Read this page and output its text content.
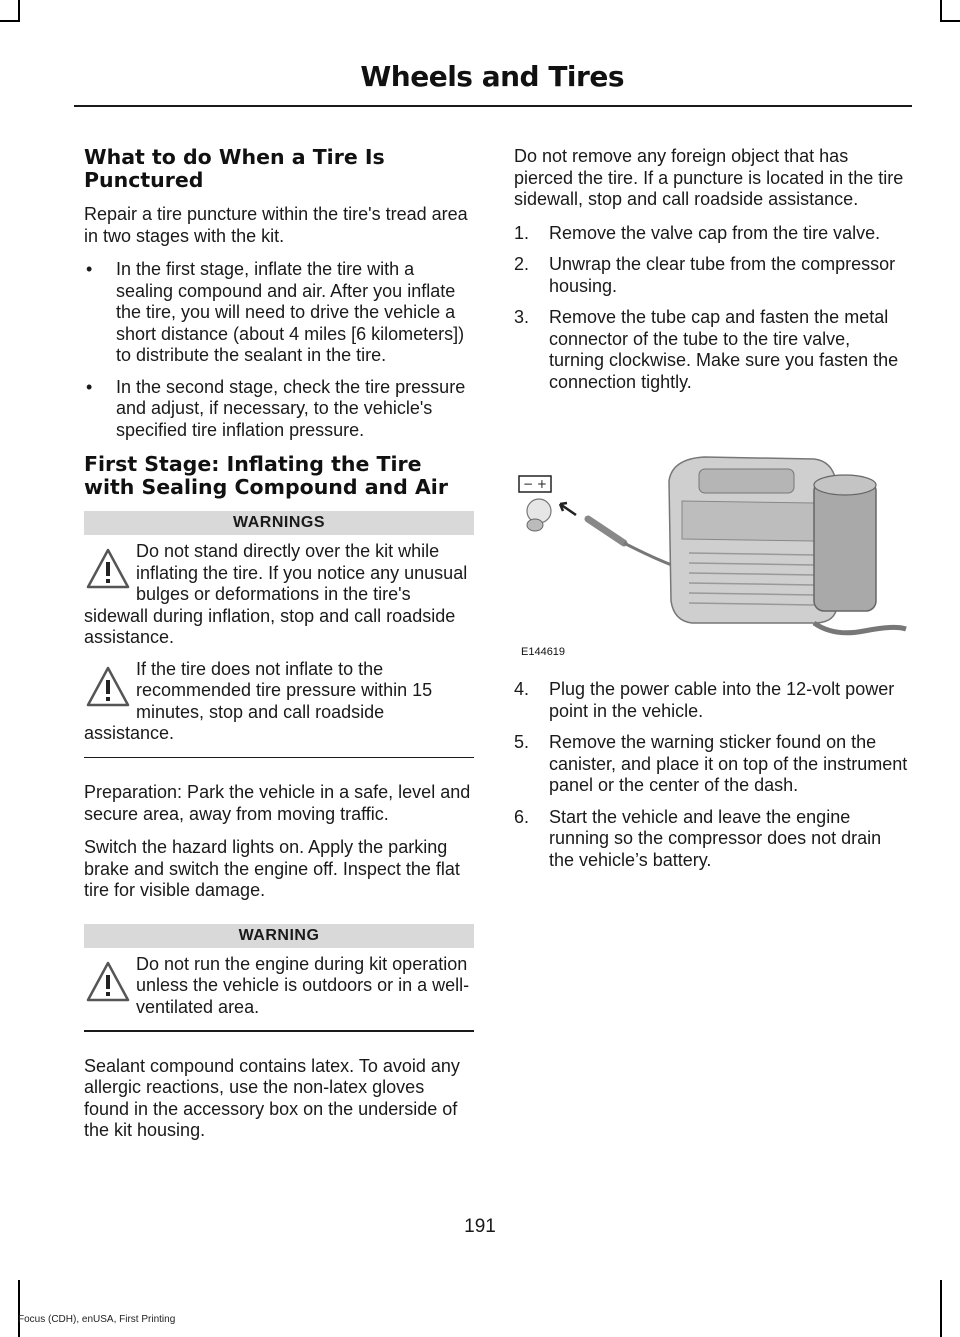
Wheels and Tires
What to do When a Tire Is Punctured

Repair a tire puncture within the tire's tread area in two stages with the kit.

• In the first stage, inflate the tire with a sealing compound and air. After you inflate the tire, you will need to drive the vehicle a short distance (about 4 miles [6 kilometers]) to distribute the sealant in the tire.
• In the second stage, check the tire pressure and adjust, if necessary, to the vehicle's specified tire inflation pressure.
First Stage: Inflating the Tire with Sealing Compound and Air
WARNINGS
Do not stand directly over the kit while inflating the tire. If you notice any unusual bulges or deformations in the tire's sidewall during inflation, stop and call roadside assistance.
If the tire does not inflate to the recommended tire pressure within 15 minutes, stop and call roadside assistance.

Preparation: Park the vehicle in a safe, level and secure area, away from moving traffic.

Switch the hazard lights on. Apply the parking brake and switch the engine off. Inspect the flat tire for visible damage.

WARNING
Do not run the engine during kit operation unless the vehicle is outdoors or in a well-ventilated area.

Sealant compound contains latex. To avoid any allergic reactions, use the non-latex gloves found in the accessory box on the underside of the kit housing.

Do not remove any foreign object that has pierced the tire. If a puncture is located in the tire sidewall, stop and call roadside assistance.

1. Remove the valve cap from the tire valve.
2. Unwrap the clear tube from the compressor housing.
3. Remove the tube cap and fasten the metal connector of the tube to the tire valve, turning clockwise. Make sure you fasten the connection tightly.
− +
E144619
4. Plug the power cable into the 12-volt power point in the vehicle.
5. Remove the warning sticker found on the canister, and place it on top of the instrument panel or the center of the dash.
6. Start the vehicle and leave the engine running so the compressor does not drain the vehicle’s battery.
191
Focus (CDH), enUSA, First Printing
